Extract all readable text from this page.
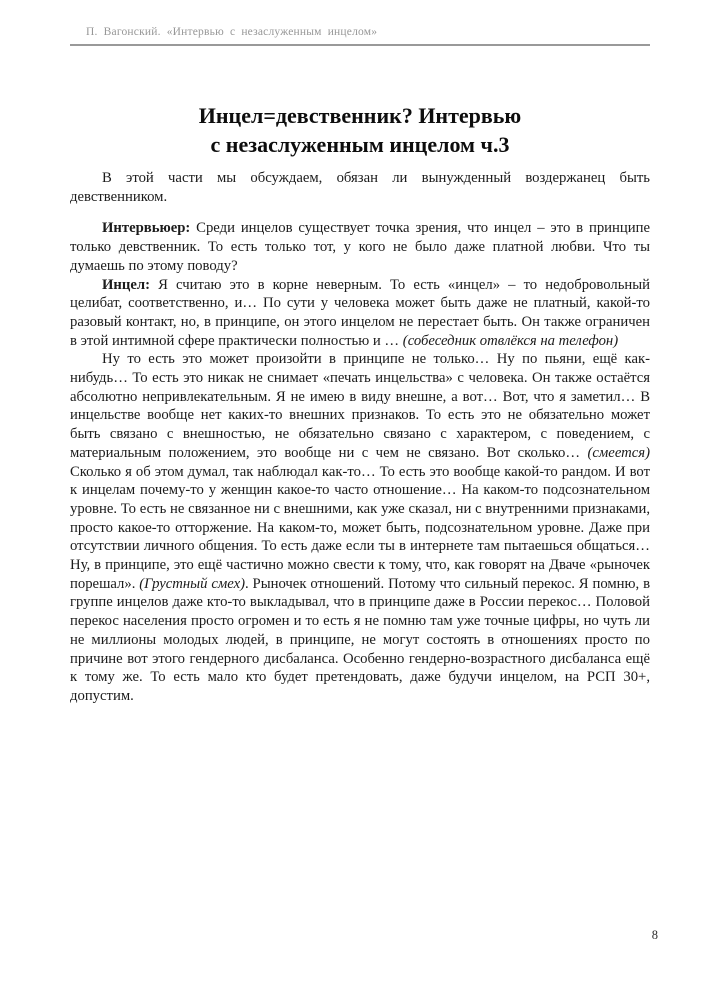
П. Вагонский. «Интервью с незаслуженным инцелом»
Инцел=девственник? Интервью
с незаслуженным инцелом ч.3

В этой части мы обсуждаем, обязан ли вынужденный воздержанец быть девственником.

Интервьюер: Среди инцелов существует точка зрения, что инцел – это в принципе только девственник. То есть только тот, у кого не было даже платной любви. Что ты думаешь по этому поводу?

Инцел: Я считаю это в корне неверным. То есть «инцел» – то недобровольный целибат, соответственно, и… По сути у человека может быть даже не платный, какой-то разовый контакт, но, в принципе, он этого инцелом не перестает быть. Он также ограничен в этой интимной сфере практически полностью и … (собеседник отвлёкся на телефон)

Ну то есть это может произойти в принципе не только… Ну по пьяни, ещё как-нибудь… То есть это никак не снимает «печать инцельства» с человека. Он также остаётся абсолютно непривлекательным. Я не имею в виду внешне, а вот… Вот, что я заметил… В инцельстве вообще нет каких-то внешних признаков. То есть это не обязательно может быть связано с внешностью, не обязательно связано с характером, с поведением, с материальным положением, это вообще ни с чем не связано. Вот сколько… (смеется) Сколько я об этом думал, так наблюдал как-то… То есть это вообще какой-то рандом. И вот к инцелам почему-то у женщин какое-то часто отношение… На каком-то подсознательном уровне. То есть не связанное ни с внешними, как уже сказал, ни с внутренними признаками, просто какое-то отторжение. На каком-то, может быть, подсознательном уровне. Даже при отсутствии личного общения. То есть даже если ты в интернете там пытаешься общаться… Ну, в принципе, это ещё частично можно свести к тому, что, как говорят на Дваче «рыночек порешал». (Грустный смех). Рыночек отношений. Потому что сильный перекос. Я помню, в группе инцелов даже кто-то выкладывал, что в принципе даже в России перекос… Половой перекос населения просто огромен и то есть я не помню там уже точные цифры, но чуть ли не миллионы молодых людей, в принципе, не могут состоять в отношениях просто по причине вот этого гендерного дисбаланса. Особенно гендерно-возрастного дисбаланса ещё к тому же. То есть мало кто будет претендовать, даже будучи инцелом, на РСП 30+, допустим.

8
